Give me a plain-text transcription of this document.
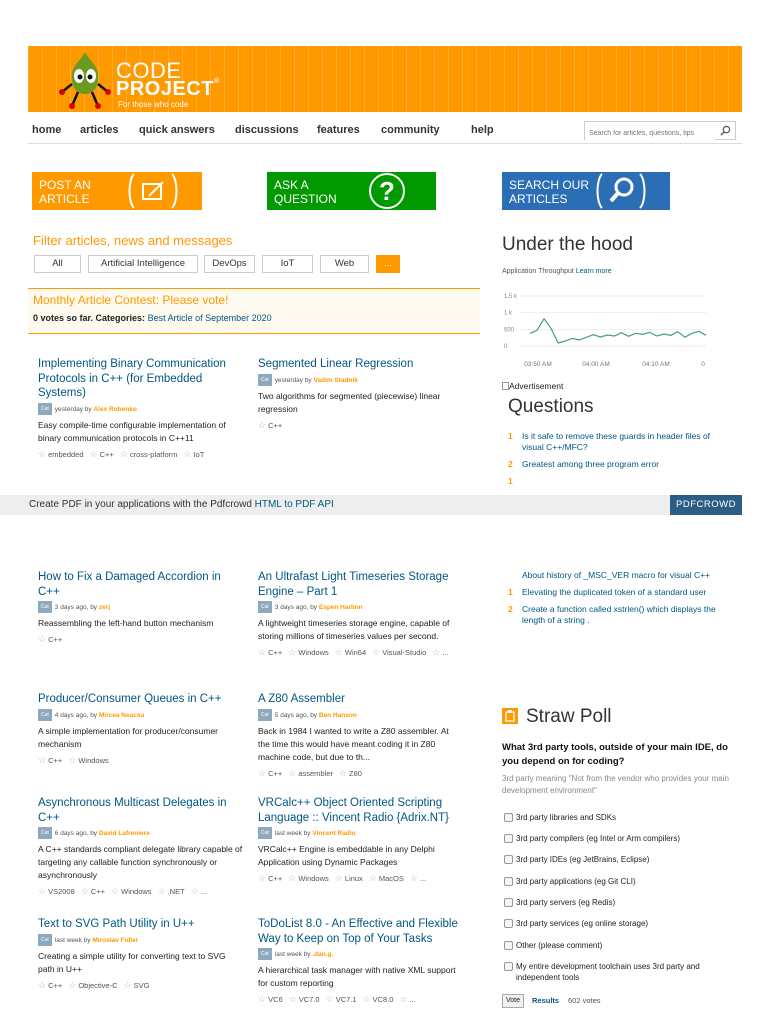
CODE
PROJECT®
For those who code
home articles quick answers discussions features community	help
Search for articles, questions, tips
POST AN ARTICLE
ASK A QUESTION ?	SEARCH OUR ARTICLES
Filter articles, news and messages
All	Artificial Intelligence	DevOps	IoT	Web	...
Monthly Article Contest: Please vote!
0 votes so far. Categories: Best Article of September 2020
Implementing Binary Communication Protocols in C++ (for Embedded Systems)
Cat yesterday by Alex Robenko
Easy compile-time configurable implementation of binary communication protocols in C++11
☆ embedded ☆ C++ ☆ cross-platform ☆ IoT
Segmented Linear Regression
Cat yesterday by Vadim Stadnik
Two algorithms for segmented (piecewise) linear regression
☆ C++
How to Fix a Damaged Accordion in C++
Cat 3 days ago, by zerj
Reassembling the left-hand button mechanism
☆ C++
An Ultrafast Light Timeseries Storage Engine – Part 1
Cat 3 days ago, by Espen Harlinn
A lightweight timeseries storage engine, capable of storing millions of timeseries values per second.
☆ C++ ☆ Windows ☆ Win64 ☆ Visual-Studio ☆ ...
Producer/Consumer Queues in C++
Cat 4 days ago, by Mircea Neacsu
A simple implementation for producer/consumer mechanism
☆ C++ ☆ Windows
A Z80 Assembler
Cat 5 days ago, by Ben Hanson
Back in 1984 I wanted to write a Z80 assembler. At the time this would have meant coding it in Z80 machine code, but due to th...
☆ C++ ☆ assembler ☆ Z80
Asynchronous Multicast Delegates in C++
Cat 6 days ago, by David Lafreniere
A C++ standards compliant delegate library capable of targeting any callable function synchronously or asynchronously
☆ VS2008 ☆ C++ ☆ Windows ☆ .NET ☆ ...
VRCalc++ Object Oriented Scripting Language :: Vincent Radio {Adrix.NT}
Cat last week by Vincent Radio
VRCalc++ Engine is embeddable in any Delphi Application using Dynamic Packages
☆ C++ ☆ Windows ☆ Linux ☆ MacOS ☆ ...
Text to SVG Path Utility in U++
Cat last week by Miroslav Fidler
Creating a simple utility for converting text to SVG path in U++
☆ C++ ☆ Objective-C ☆ SVG
ToDoList 8.0 - An Effective and Flexible Way to Keep on Top of Your Tasks
Cat last week by .dan.g.
A hierarchical task manager with native XML support for custom reporting
☆ VC6 ☆ VC7.0 ☆ VC7.1 ☆ VC8.0 ☆ ...
Under the hood
Application Throughput Learn more
1.5 k
1 k
500
0
03:50 AM	04:00 AM	04:10 AM	0
Advertisement
Questions
1 Is it safe to remove these guards in header files of visual C++/MFC?
2 Greatest among three program error
1
About history of _MSC_VER macro for visual C++
1 Elevating the duplicated token of a standard user
2 Create a function called xstrlen() which displays the length of a string .
Create PDF in your applications with the Pdfcrowd HTML to PDF API	PDFCROWD
Straw Poll
What 3rd party tools, outside of your main IDE, do you depend on for coding?
3rd party meaning "Not from the vendor who provides your main development environment"
3rd party libraries and SDKs
3rd party compilers (eg Intel or Arm compilers)
3rd party IDEs (eg JetBrains, Eclipse)
3rd party applications (eg Git CLI)
3rd party servers (eg Redis)
3rd party services (eg online storage)
Other (please comment)
My entire development toolchain uses 3rd party and independent tools
Vote	Results 602 votes
